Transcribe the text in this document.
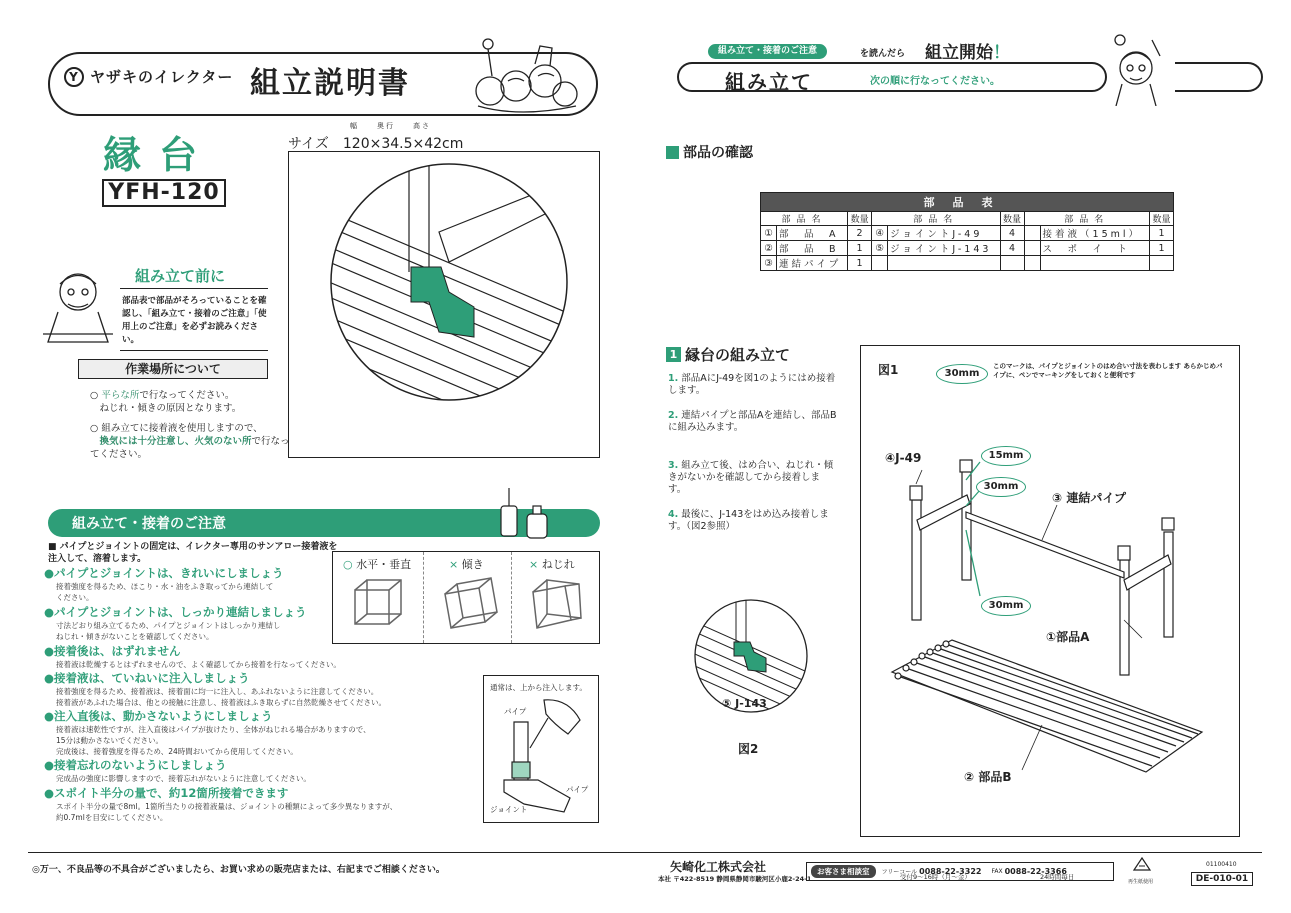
Y ヤザキのイレクター 組立説明書
縁台
YFH-120
幅　　	奥行　　	高さ
サイズ　 120×34.5×42cm
組み立て前に
部品表で部品がそろっていることを確認し、「組み立て・接着のご注意」「使用上のご注意」を必ずお読みください。
作業場所について
○ 平らな所で行なってください。
　ねじれ・傾きの原因となります。
○ 組み立てに接着液を使用しますので、
　換気には十分注意し、火気のない所で行なってください。
組み立て・接着のご注意
■ パイプとジョイントの固定は、イレクター専用のサンアロー接着液を注入して、溶着します。
●パイプとジョイントは、きれいにしましょう
接着強度を得るため、ほこり・水・油をふき取ってから連結して
ください。
●パイプとジョイントは、しっかり連結しましょう
寸法どおり組み立てるため、パイプとジョイントはしっかり連結し
ねじれ・傾きがないことを確認してください。
●接着後は、はずれません
接着液は乾燥するとはずれませんので、よく確認してから接着を行なってください。
●接着液は、ていねいに注入しましょう
接着強度を得るため、接着液は、接着面に均一に注入し、あふれないように注意してください。
接着液があふれた場合は、他との接触に注意し、接着液はふき取らずに自然乾燥させてください。
●注入直後は、動かさないようにしましょう
接着液は速乾性ですが、注入直後はパイプが抜けたり、全体がねじれる場合がありますので、
15分は動かさないでください。
完成後は、接着強度を得るため、24時間おいてから使用してください。
●接着忘れのないようにしましょう
完成品の強度に影響しますので、接着忘れがないように注意してください。
●スポイト半分の量で、約12箇所接着できます
スポイト半分の量で8ml。1箇所当たりの接着液量は、ジョイントの種類によって多少異なりますが、
約0.7mlを目安にしてください。
○ 水平・垂直	× 傾き	× ねじれ
通常は、上から注入します。
パイプ
パイプ
ジョイント
組み立て・接着のご注意	を読んだら 組立開始！
組み立て	次の順に行なってください。
部品の確認
部品表								
部品名		数量	部品名		数量	部品名		数量
①	部　品　A	2	④	ジョイントJ-49	4		接着液（15ml）	1
②	部　品　B	1	⑤	ジョイントJ-143	4		ス　ポ　イ　ト	1
③	連結パイプ	1						
1 縁台の組み立て
1. 部品AにJ-49を図1のようにはめ接着します。
2. 連結パイプと部品Aを連結し、部品Bに組み込みます。
3. 組み立て後、はめ合い、ねじれ・傾きがないかを確認してから接着します。
4. 最後に、J-143をはめ込み接着します。（図2参照）
⑤ J-143
図2
図1	30mm
このマークは、パイプとジョイントのはめ合い寸法を表わします あらかじめパイプに、ペンでマーキングをしておくと便利です
④J-49	15mm
30mm
30mm
③ 連結パイプ
①部品A
② 部品B
◎万一、不良品等の不具合がございましたら、お買い求めの販売店または、右記までご相談ください。	矢崎化工株式会社
本社 〒422-8519 静岡県静岡市駿河区小鹿2-24-1
お客さま相談室	フリーコール 0088-22-3322 FAX 0088-22-3366
受付9〜16時（月〜金）	24時間毎日
再生紙使用
01100410
DE-010-01
